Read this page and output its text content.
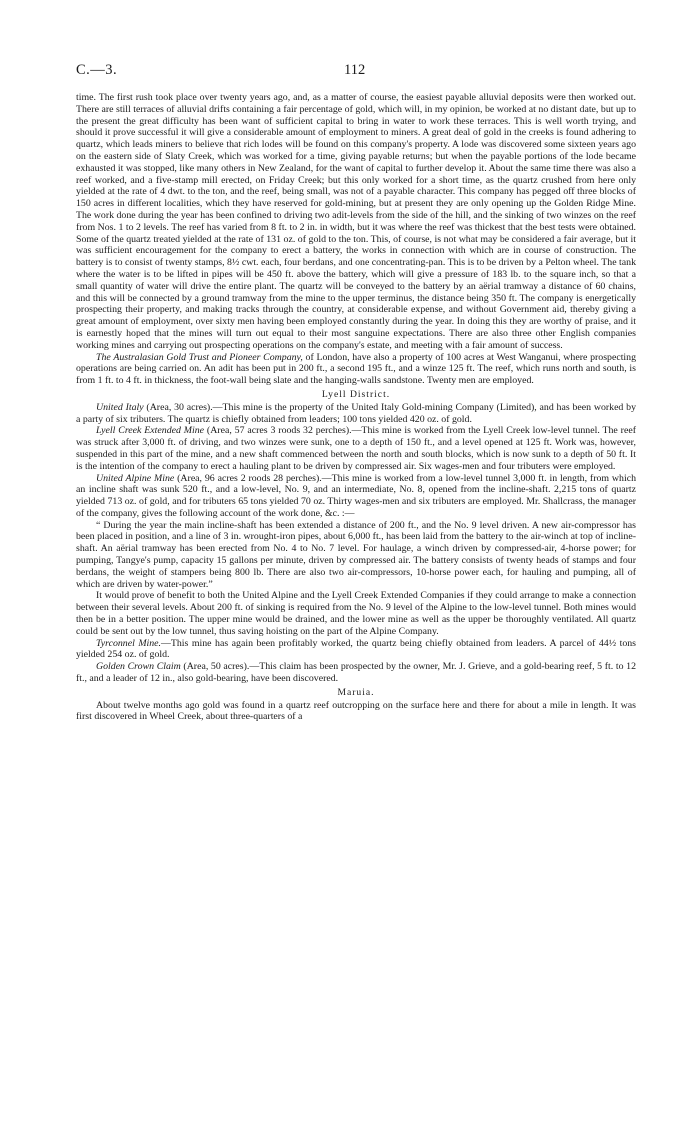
C.—3.	112

time. The first rush took place over twenty years ago, and, as a matter of course, the easiest payable alluvial deposits were then worked out. There are still terraces of alluvial drifts containing a fair percentage of gold, which will, in my opinion, be worked at no distant date, but up to the present the great difficulty has been want of sufficient capital to bring in water to work these terraces. This is well worth trying, and should it prove successful it will give a considerable amount of employment to miners. A great deal of gold in the creeks is found adhering to quartz, which leads miners to believe that rich lodes will be found on this company's property. A lode was discovered some sixteen years ago on the eastern side of Slaty Creek, which was worked for a time, giving payable returns; but when the payable portions of the lode became exhausted it was stopped, like many others in New Zealand, for the want of capital to further develop it. About the same time there was also a reef worked, and a five-stamp mill erected, on Friday Creek; but this only worked for a short time, as the quartz crushed from here only yielded at the rate of 4 dwt. to the ton, and the reef, being small, was not of a payable character. This company has pegged off three blocks of 150 acres in different localities, which they have reserved for gold-mining, but at present they are only opening up the Golden Ridge Mine. The work done during the year has been confined to driving two adit-levels from the side of the hill, and the sinking of two winzes on the reef from Nos. 1 to 2 levels. The reef has varied from 8 ft. to 2 in. in width, but it was where the reef was thickest that the best tests were obtained. Some of the quartz treated yielded at the rate of 131 oz. of gold to the ton. This, of course, is not what may be considered a fair average, but it was sufficient encouragement for the company to erect a battery, the works in connection with which are in course of construction. The battery is to consist of twenty stamps, 8½ cwt. each, four berdans, and one concentrating-pan. This is to be driven by a Pelton wheel. The tank where the water is to be lifted in pipes will be 450 ft. above the battery, which will give a pressure of 183 lb. to the square inch, so that a small quantity of water will drive the entire plant. The quartz will be conveyed to the battery by an aërial tramway a distance of 60 chains, and this will be connected by a ground tramway from the mine to the upper terminus, the distance being 350 ft. The company is energetically prospecting their property, and making tracks through the country, at considerable expense, and without Government aid, thereby giving a great amount of employment, over sixty men having been employed constantly during the year. In doing this they are worthy of praise, and it is earnestly hoped that the mines will turn out equal to their most sanguine expectations. There are also three other English companies working mines and carrying out prospecting operations on the company's estate, and meeting with a fair amount of success.

The Australasian Gold Trust and Pioneer Company, of London, have also a property of 100 acres at West Wanganui, where prospecting operations are being carried on. An adit has been put in 200 ft., a second 195 ft., and a winze 125 ft. The reef, which runs north and south, is from 1 ft. to 4 ft. in thickness, the foot-wall being slate and the hanging-walls sandstone. Twenty men are employed.

Lyell District.

United Italy (Area, 30 acres).—This mine is the property of the United Italy Gold-mining Company (Limited), and has been worked by a party of six tributers. The quartz is chiefly obtained from leaders; 100 tons yielded 420 oz. of gold.

Lyell Creek Extended Mine (Area, 57 acres 3 roods 32 perches).—This mine is worked from the Lyell Creek low-level tunnel. The reef was struck after 3,000 ft. of driving, and two winzes were sunk, one to a depth of 150 ft., and a level opened at 125 ft. Work was, however, suspended in this part of the mine, and a new shaft commenced between the north and south blocks, which is now sunk to a depth of 50 ft. It is the intention of the company to erect a hauling plant to be driven by compressed air. Six wages-men and four tributers were employed.

United Alpine Mine (Area, 96 acres 2 roods 28 perches).—This mine is worked from a low-level tunnel 3,000 ft. in length, from which an incline shaft was sunk 520 ft., and a low-level, No. 9, and an intermediate, No. 8, opened from the incline-shaft. 2,215 tons of quartz yielded 713 oz. of gold, and for tributers 65 tons yielded 70 oz. Thirty wages-men and six tributers are employed. Mr. Shallcrass, the manager of the company, gives the following account of the work done, &c. :—

“ During the year the main incline-shaft has been extended a distance of 200 ft., and the No. 9 level driven. A new air-compressor has been placed in position, and a line of 3 in. wrought-iron pipes, about 6,000 ft., has been laid from the battery to the air-winch at top of incline-shaft. An aërial tramway has been erected from No. 4 to No. 7 level. For haulage, a winch driven by compressed-air, 4-horse power; for pumping, Tangye's pump, capacity 15 gallons per minute, driven by compressed air. The battery consists of twenty heads of stamps and four berdans, the weight of stampers being 800 lb. There are also two air-compressors, 10-horse power each, for hauling and pumping, all of which are driven by water-power.”

It would prove of benefit to both the United Alpine and the Lyell Creek Extended Companies if they could arrange to make a connection between their several levels. About 200 ft. of sinking is required from the No. 9 level of the Alpine to the low-level tunnel. Both mines would then be in a better position. The upper mine would be drained, and the lower mine as well as the upper be thoroughly ventilated. All quartz could be sent out by the low tunnel, thus saving hoisting on the part of the Alpine Company.

Tyrconnel Mine.—This mine has again been profitably worked, the quartz being chiefly obtained from leaders. A parcel of 44½ tons yielded 254 oz. of gold.

Golden Crown Claim (Area, 50 acres).—This claim has been prospected by the owner, Mr. J. Grieve, and a gold-bearing reef, 5 ft. to 12 ft., and a leader of 12 in., also gold-bearing, have been discovered.

Maruia.

About twelve months ago gold was found in a quartz reef outcropping on the surface here and there for about a mile in length. It was first discovered in Wheel Creek, about three-quarters of a
